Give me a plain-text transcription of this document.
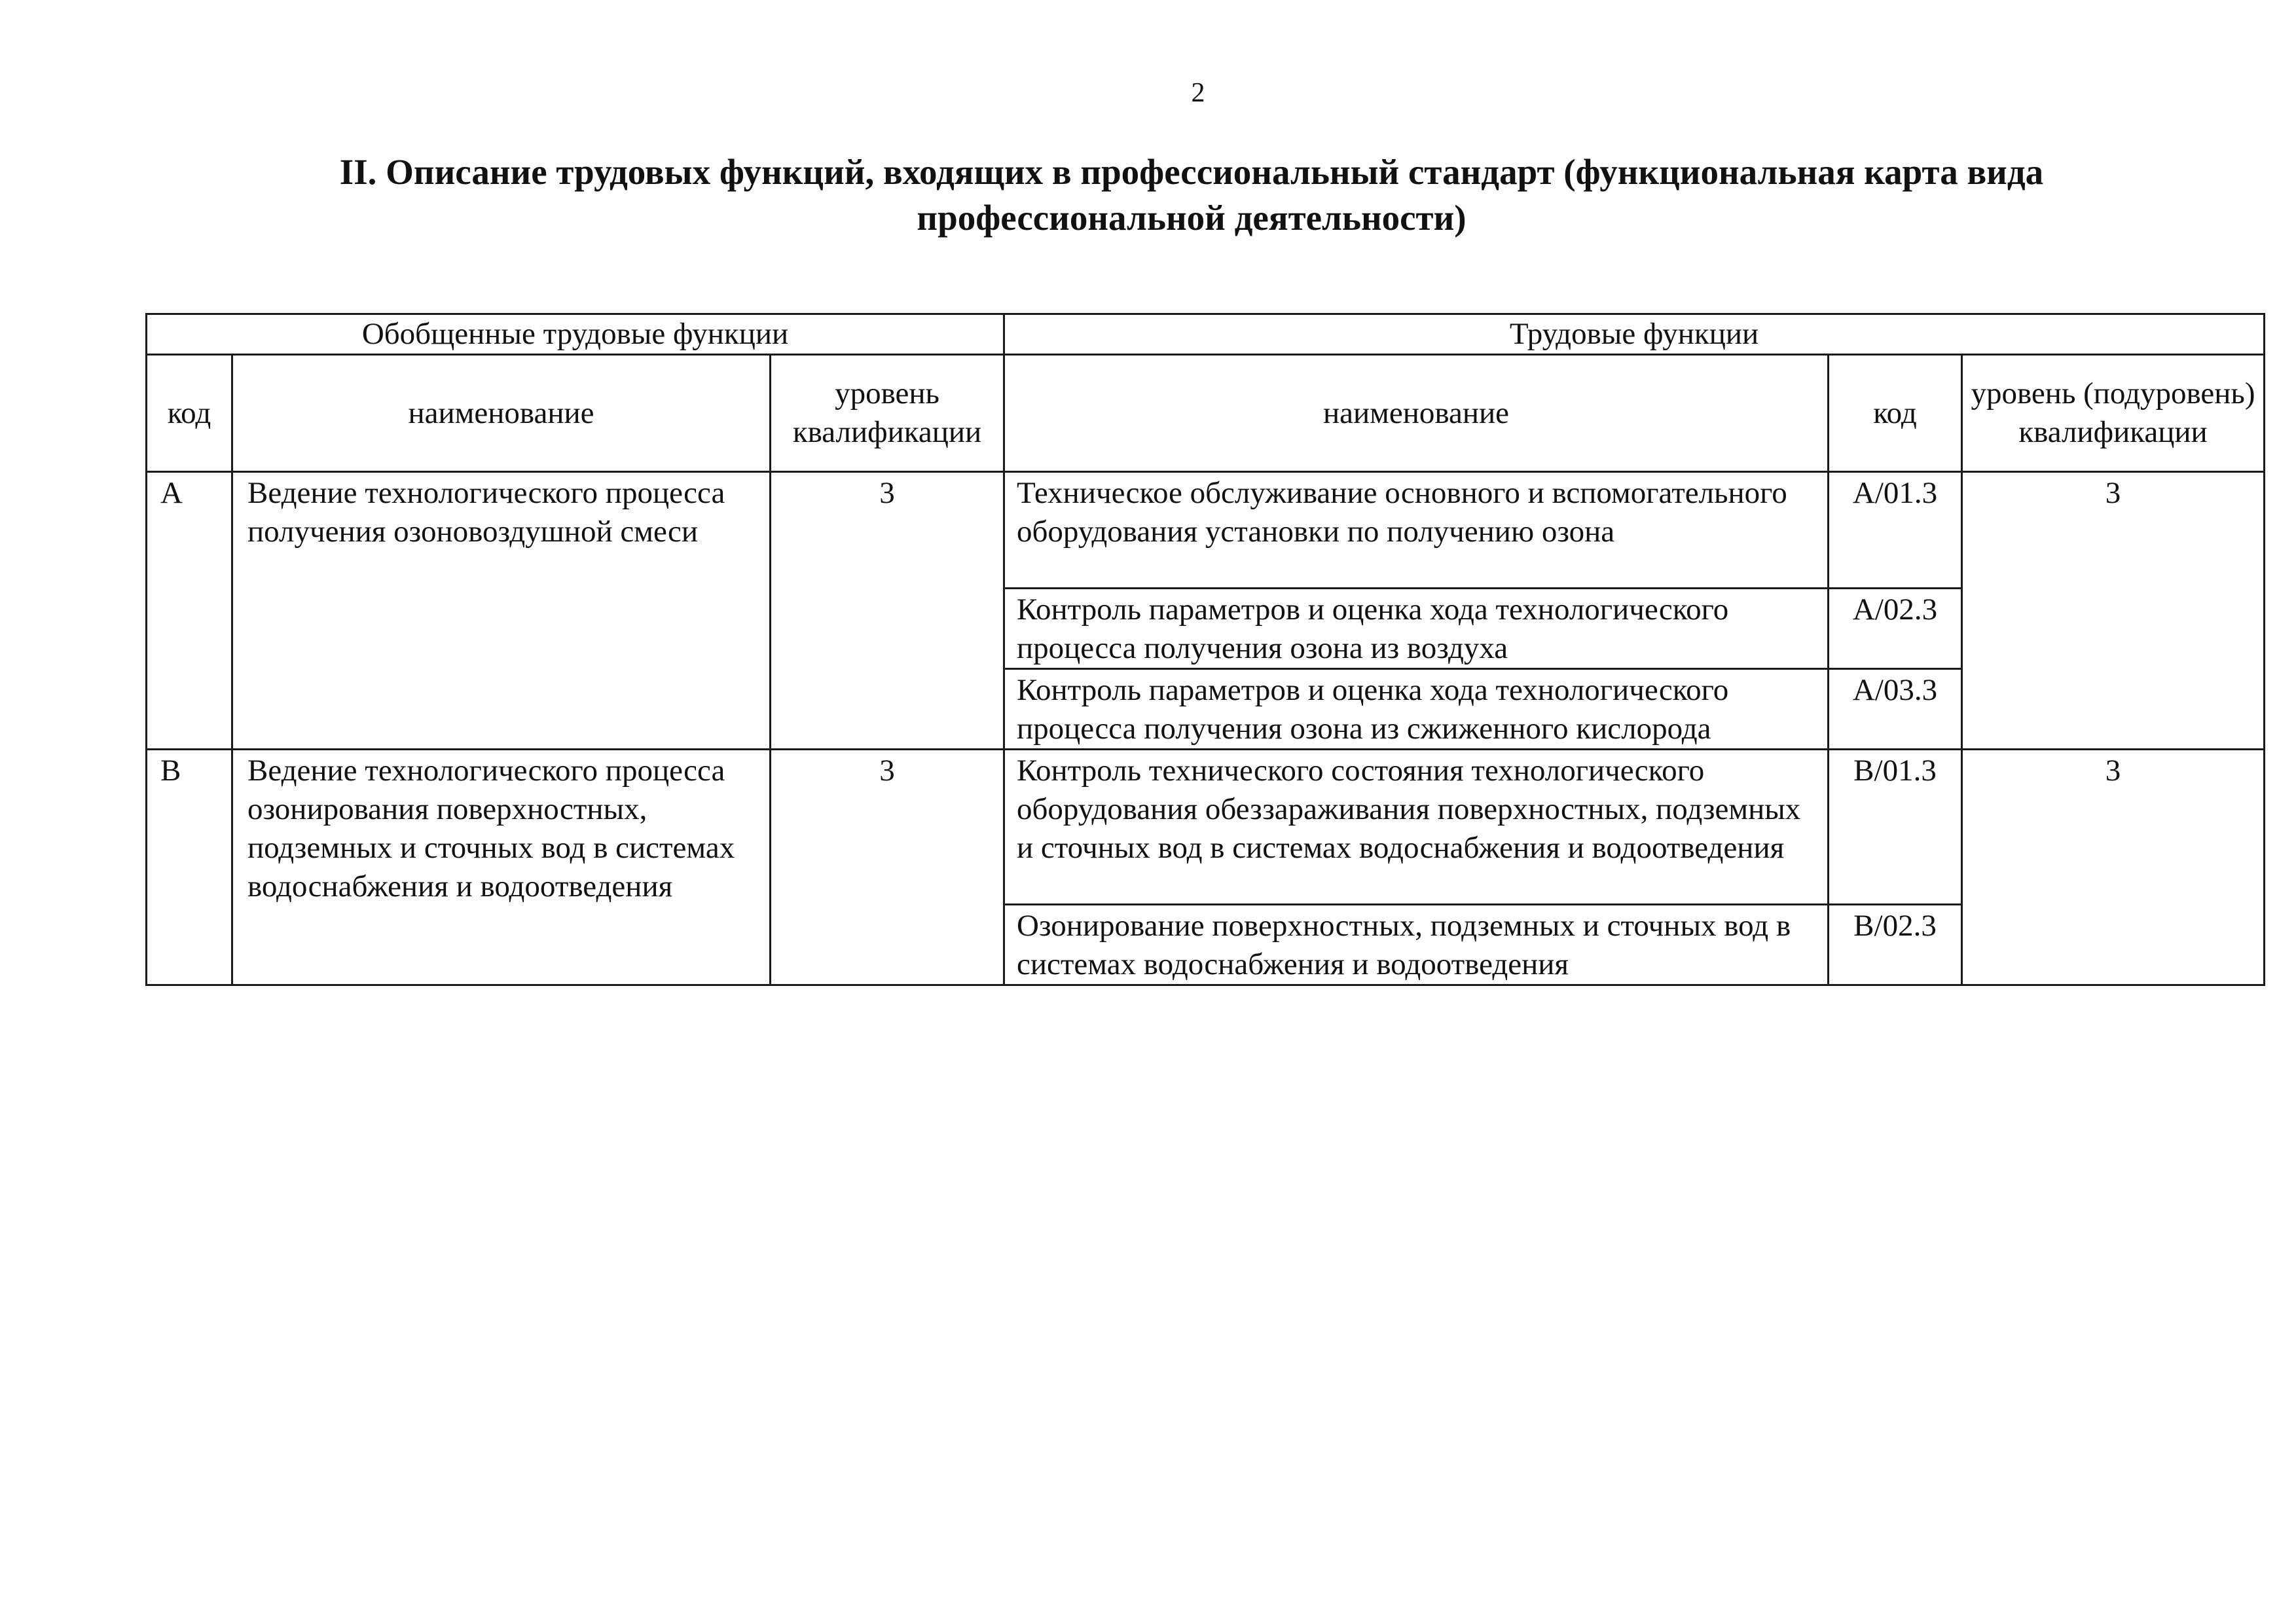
2
II. Описание трудовых функций, входящих в профессиональный стандарт (функциональная карта вида профессиональной деятельности)
Обобщенные трудовые функции			Трудовые функции		
код	наименование	уровень квалификации	наименование	код	уровень (подуровень) квалификации
A	Ведение технологического процесса получения озоновоздушной смеси	3	Техническое обслуживание основного и вспомогательного оборудования установки по получению озона	A/01.3	3
			Контроль параметров и оценка хода технологического процесса получения озона из воздуха	A/02.3	
			Контроль параметров и оценка хода технологического процесса получения озона из сжиженного кислорода	A/03.3	
B	Ведение технологического процесса озонирования поверхностных, подземных и сточных вод в системах водоснабжения и водоотведения	3	Контроль технического состояния технологического оборудования обеззараживания поверхностных, подземных и сточных вод в системах водоснабжения и водоотведения	B/01.3	3
			Озонирование поверхностных, подземных и сточных вод в системах водоснабжения и водоотведения	B/02.3	
